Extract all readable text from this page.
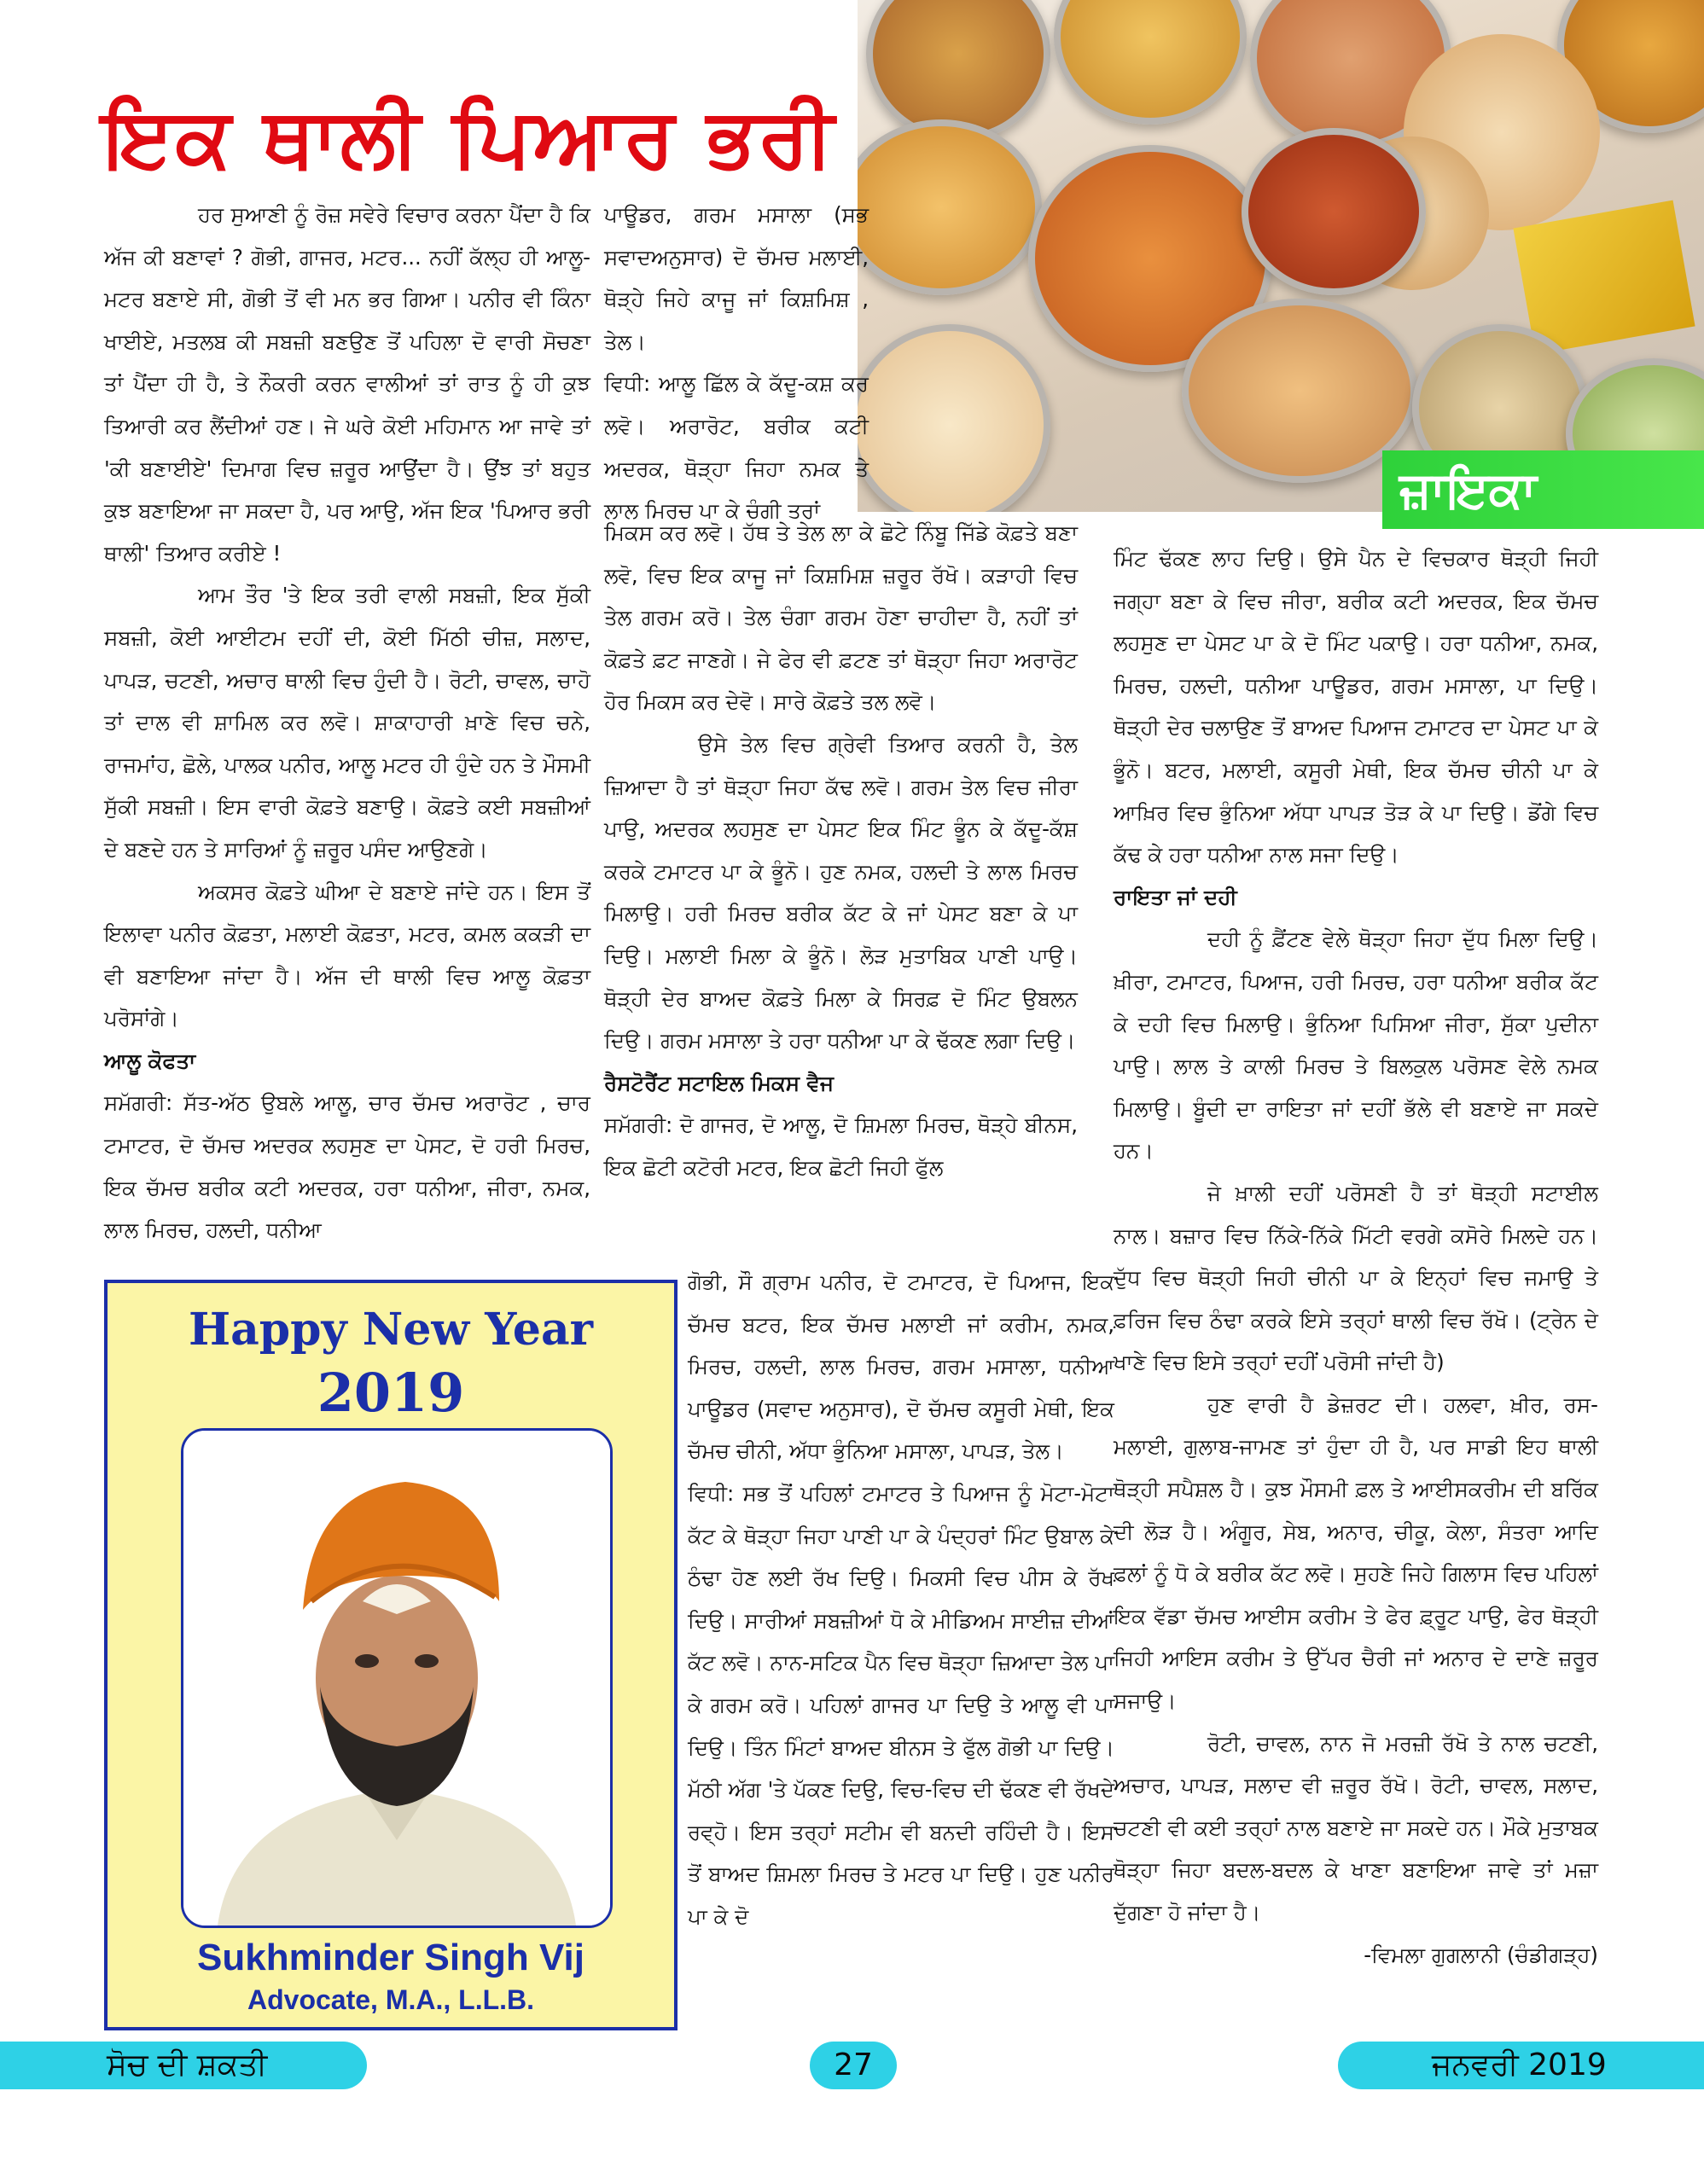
ਇਕ ਥਾਲੀ ਪਿਆਰ ਭਰੀ
ਜ਼ਾਇਕਾ

ਹਰ ਸੁਆਣੀ ਨੂੰ ਰੋਜ਼ ਸਵੇਰੇ ਵਿਚਾਰ ਕਰਨਾ ਪੈਂਦਾ ਹੈ ਕਿ ਅੱਜ ਕੀ ਬਣਾਵਾਂ ? ਗੋਭੀ, ਗਾਜਰ, ਮਟਰ... ਨਹੀਂ ਕੱਲ੍ਹ ਹੀ ਆਲੂ-ਮਟਰ ਬਣਾਏ ਸੀ, ਗੋਭੀ ਤੋਂ ਵੀ ਮਨ ਭਰ ਗਿਆ। ਪਨੀਰ ਵੀ ਕਿੰਨਾ ਖਾਈਏ, ਮਤਲਬ ਕੀ ਸਬਜ਼ੀ ਬਣਉਣ ਤੋਂ ਪਹਿਲਾ ਦੋ ਵਾਰੀ ਸੋਚਣਾ ਤਾਂ ਪੈਂਦਾ ਹੀ ਹੈ, ਤੇ ਨੌਕਰੀ ਕਰਨ ਵਾਲੀਆਂ ਤਾਂ ਰਾਤ ਨੂੰ ਹੀ ਕੁਝ ਤਿਆਰੀ ਕਰ ਲੈਂਦੀਆਂ ਹਣ। ਜੇ ਘਰੇ ਕੋਈ ਮਹਿਮਾਨ ਆ ਜਾਵੇ ਤਾਂ 'ਕੀ ਬਣਾਈਏ' ਦਿਮਾਗ ਵਿਚ ਜ਼ਰੂਰ ਆਉਂਦਾ ਹੈ। ਉਂਝ ਤਾਂ ਬਹੁਤ ਕੁਝ ਬਣਾਇਆ ਜਾ ਸਕਦਾ ਹੈ, ਪਰ ਆਉ, ਅੱਜ ਇਕ 'ਪਿਆਰ ਭਰੀ ਥਾਲੀ' ਤਿਆਰ ਕਰੀਏ !

ਆਮ ਤੌਰ 'ਤੇ ਇਕ ਤਰੀ ਵਾਲੀ ਸਬਜ਼ੀ, ਇਕ ਸੁੱਕੀ ਸਬਜ਼ੀ, ਕੋਈ ਆਈਟਮ ਦਹੀਂ ਦੀ, ਕੋਈ ਮਿੱਠੀ ਚੀਜ਼, ਸਲਾਦ, ਪਾਪੜ, ਚਟਣੀ, ਅਚਾਰ ਥਾਲੀ ਵਿਚ ਹੁੰਦੀ ਹੈ। ਰੋਟੀ, ਚਾਵਲ, ਚਾਹੋ ਤਾਂ ਦਾਲ ਵੀ ਸ਼ਾਮਿਲ ਕਰ ਲਵੋ। ਸ਼ਾਕਾਹਾਰੀ ਖ਼ਾਣੇ ਵਿਚ ਚਨੇ, ਰਾਜਮਾਂਹ, ਛੋਲੇ, ਪਾਲਕ ਪਨੀਰ, ਆਲੂ ਮਟਰ ਹੀ ਹੁੰਦੇ ਹਨ ਤੇ ਮੌਸਮੀ ਸੁੱਕੀ ਸਬਜ਼ੀ। ਇਸ ਵਾਰੀ ਕੋਫ਼ਤੇ ਬਣਾਉ। ਕੋਫ਼ਤੇ ਕਈ ਸਬਜ਼ੀਆਂ ਦੇ ਬਣਦੇ ਹਨ ਤੇ ਸਾਰਿਆਂ ਨੂੰ ਜ਼ਰੂਰ ਪਸੰਦ ਆਉਣਗੇ।

ਅਕਸਰ ਕੋਫ਼ਤੇ ਘੀਆ ਦੇ ਬਣਾਏ ਜਾਂਦੇ ਹਨ। ਇਸ ਤੋਂ ਇਲਾਵਾ ਪਨੀਰ ਕੋਫ਼ਤਾ, ਮਲਾਈ ਕੋਫ਼ਤਾ, ਮਟਰ, ਕਮਲ ਕਕੜੀ ਦਾ ਵੀ ਬਣਾਇਆ ਜਾਂਦਾ ਹੈ। ਅੱਜ ਦੀ ਥਾਲੀ ਵਿਚ ਆਲੂ ਕੋਫ਼ਤਾ ਪਰੋਸਾਂਗੇ।

ਆਲੂ ਕੋਫਤਾ

ਸਮੱਗਰੀ: ਸੱਤ-ਅੱਠ ਉਬਲੇ ਆਲੂ, ਚਾਰ ਚੱਮਚ ਅਰਾਰੋਟ , ਚਾਰ ਟਮਾਟਰ, ਦੋ ਚੱਮਚ ਅਦਰਕ ਲਹਸੁਣ ਦਾ ਪੇਸਟ, ਦੋ ਹਰੀ ਮਿਰਚ, ਇਕ ਚੱਮਚ ਬਰੀਕ ਕਟੀ ਅਦਰਕ, ਹਰਾ ਧਨੀਆ, ਜੀਰਾ, ਨਮਕ, ਲਾਲ ਮਿਰਚ, ਹਲਦੀ, ਧਨੀਆ

ਪਾਊਡਰ, ਗਰਮ ਮਸਾਲਾ (ਸਭ ਸਵਾਦਅਨੁਸਾਰ) ਦੋ ਚੱਮਚ ਮਲਾਈ, ਥੋੜ੍ਹੇ ਜਿਹੇ ਕਾਜੂ ਜਾਂ ਕਿਸ਼ਮਿਸ਼ , ਤੇਲ।

ਵਿਧੀ: ਆਲੂ ਛਿੱਲ ਕੇ ਕੱਦੂ-ਕਸ਼ ਕਰ ਲਵੋ। ਅਰਾਰੋਟ, ਬਰੀਕ ਕਟੀ ਅਦਰਕ, ਥੋੜ੍ਹਾ ਜਿਹਾ ਨਮਕ ਤੇ ਲਾਲ ਮਿਰਚ ਪਾ ਕੇ ਚੰਗੀ ਤਰਾਂ

ਮਿਕਸ ਕਰ ਲਵੋ। ਹੱਥ ਤੇ ਤੇਲ ਲਾ ਕੇ ਛੋਟੇ ਨਿੰਬੂ ਜਿੱਡੇ ਕੋਫ਼ਤੇ ਬਣਾ ਲਵੋ, ਵਿਚ ਇਕ ਕਾਜੂ ਜਾਂ ਕਿਸ਼ਮਿਸ਼ ਜ਼ਰੂਰ ਰੱਖੋ। ਕੜਾਹੀ ਵਿਚ ਤੇਲ ਗਰਮ ਕਰੋ। ਤੇਲ ਚੰਗਾ ਗਰਮ ਹੋਣਾ ਚਾਹੀਦਾ ਹੈ, ਨਹੀਂ ਤਾਂ ਕੋਫ਼ਤੇ ਫ਼ਟ ਜਾਣਗੇ। ਜੇ ਫੇਰ ਵੀ ਫ਼ਟਣ ਤਾਂ ਥੋੜ੍ਹਾ ਜਿਹਾ ਅਰਾਰੋਟ ਹੋਰ ਮਿਕਸ ਕਰ ਦੇਵੋ। ਸਾਰੇ ਕੋਫ਼ਤੇ ਤਲ ਲਵੋ।

ਉਸੇ ਤੇਲ ਵਿਚ ਗ੍ਰੇਵੀ ਤਿਆਰ ਕਰਨੀ ਹੈ, ਤੇਲ ਜ਼ਿਆਦਾ ਹੈ ਤਾਂ ਥੋੜ੍ਹਾ ਜਿਹਾ ਕੱਢ ਲਵੋ। ਗਰਮ ਤੇਲ ਵਿਚ ਜੀਰਾ ਪਾਉ, ਅਦਰਕ ਲਹਸੁਣ ਦਾ ਪੇਸਟ ਇਕ ਮਿੰਟ ਭੂੰਨ ਕੇ ਕੱਦੂ-ਕੱਸ਼ ਕਰਕੇ ਟਮਾਟਰ ਪਾ ਕੇ ਭੂੰਨੋ। ਹੁਣ ਨਮਕ, ਹਲਦੀ ਤੇ ਲਾਲ ਮਿਰਚ ਮਿਲਾਉ। ਹਰੀ ਮਿਰਚ ਬਰੀਕ ਕੱਟ ਕੇ ਜਾਂ ਪੇਸਟ ਬਣਾ ਕੇ ਪਾ ਦਿਉ। ਮਲਾਈ ਮਿਲਾ ਕੇ ਭੂੰਨੋ। ਲੋੜ ਮੁਤਾਬਿਕ ਪਾਣੀ ਪਾਉ। ਥੋੜ੍ਹੀ ਦੇਰ ਬਾਅਦ ਕੋਫ਼ਤੇ ਮਿਲਾ ਕੇ ਸਿਰਫ਼ ਦੋ ਮਿੰਟ ਉਬਲਨ ਦਿਉ। ਗਰਮ ਮਸਾਲਾ ਤੇ ਹਰਾ ਧਨੀਆ ਪਾ ਕੇ ਢੱਕਣ ਲਗਾ ਦਿਉ।

ਰੈਸਟੋਰੈਂਟ ਸਟਾਇਲ ਮਿਕਸ ਵੈਜ

ਸਮੱਗਰੀ: ਦੋ ਗਾਜਰ, ਦੋ ਆਲੂ, ਦੋ ਸ਼ਿਮਲਾ ਮਿਰਚ, ਥੋੜ੍ਹੇ ਬੀਨਸ, ਇਕ ਛੋਟੀ ਕਟੋਰੀ ਮਟਰ, ਇਕ ਛੋਟੀ ਜਿਹੀ ਫੁੱਲ

ਗੋਭੀ, ਸੌ ਗ੍ਰਾਮ ਪਨੀਰ, ਦੋ ਟਮਾਟਰ, ਦੋ ਪਿਆਜ, ਇਕ ਚੱਮਚ ਬਟਰ, ਇਕ ਚੱਮਚ ਮਲਾਈ ਜਾਂ ਕਰੀਮ, ਨਮਕ, ਮਿਰਚ, ਹਲਦੀ, ਲਾਲ ਮਿਰਚ, ਗਰਮ ਮਸਾਲਾ, ਧਨੀਆ ਪਾਊਡਰ (ਸਵਾਦ ਅਨੁਸਾਰ), ਦੋ ਚੱਮਚ ਕਸੂਰੀ ਮੇਥੀ, ਇਕ ਚੱਮਚ ਚੀਨੀ, ਅੱਧਾ ਭੁੰਨਿਆ ਮਸਾਲਾ, ਪਾਪੜ, ਤੇਲ।

ਵਿਧੀ: ਸਭ ਤੋਂ ਪਹਿਲਾਂ ਟਮਾਟਰ ਤੇ ਪਿਆਜ ਨੂੰ ਮੋਟਾ-ਮੋਟਾ ਕੱਟ ਕੇ ਥੋੜ੍ਹਾ ਜਿਹਾ ਪਾਣੀ ਪਾ ਕੇ ਪੰਦ੍ਹਰਾਂ ਮਿੰਟ ਉਬਾਲ ਕੇ ਠੰਢਾ ਹੋਣ ਲਈ ਰੱਖ ਦਿਉ। ਮਿਕਸੀ ਵਿਚ ਪੀਸ ਕੇ ਰੱਖ ਦਿਉ। ਸਾਰੀਆਂ ਸਬਜ਼ੀਆਂ ਧੋ ਕੇ ਮੀਡਿਅਮ ਸਾਈਜ਼ ਦੀਆਂ ਕੱਟ ਲਵੋ। ਨਾਨ-ਸਟਿਕ ਪੈਨ ਵਿਚ ਥੋੜ੍ਹਾ ਜ਼ਿਆਦਾ ਤੇਲ ਪਾ ਕੇ ਗਰਮ ਕਰੋ। ਪਹਿਲਾਂ ਗਾਜਰ ਪਾ ਦਿਉ ਤੇ ਆਲੂ ਵੀ ਪਾ ਦਿਉ। ਤਿੰਨ ਮਿੰਟਾਂ ਬਾਅਦ ਬੀਨਸ ਤੇ ਫੁੱਲ ਗੋਭੀ ਪਾ ਦਿਉ। ਮੱਠੀ ਅੱਗ 'ਤੇ ਪੱਕਣ ਦਿਉ, ਵਿਚ-ਵਿਚ ਦੀ ਢੱਕਣ ਵੀ ਰੱਖਦੇ ਰਵ੍ਹੋ। ਇਸ ਤਰ੍ਹਾਂ ਸਟੀਮ ਵੀ ਬਨਦੀ ਰਹਿੰਦੀ ਹੈ। ਇਸ ਤੋਂ ਬਾਅਦ ਸ਼ਿਮਲਾ ਮਿਰਚ ਤੇ ਮਟਰ ਪਾ ਦਿਉ। ਹੁਣ ਪਨੀਰ ਪਾ ਕੇ ਦੋ

ਮਿੰਟ ਢੱਕਣ ਲਾਹ ਦਿਉ। ਉਸੇ ਪੈਨ ਦੇ ਵਿਚਕਾਰ ਥੋੜ੍ਹੀ ਜਿਹੀ ਜਗ੍ਹਾ ਬਣਾ ਕੇ ਵਿਚ ਜੀਰਾ, ਬਰੀਕ ਕਟੀ ਅਦਰਕ, ਇਕ ਚੱਮਚ ਲਹਸੁਣ ਦਾ ਪੇਸਟ ਪਾ ਕੇ ਦੋ ਮਿੰਟ ਪਕਾਉ। ਹਰਾ ਧਨੀਆ, ਨਮਕ, ਮਿਰਚ, ਹਲਦੀ, ਧਨੀਆ ਪਾਊਡਰ, ਗਰਮ ਮਸਾਲਾ, ਪਾ ਦਿਉ। ਥੋੜ੍ਹੀ ਦੇਰ ਚਲਾਉਣ ਤੋਂ ਬਾਅਦ ਪਿਆਜ ਟਮਾਟਰ ਦਾ ਪੇਸਟ ਪਾ ਕੇ ਭੂੰਨੋ। ਬਟਰ, ਮਲਾਈ, ਕਸੂਰੀ ਮੇਥੀ, ਇਕ ਚੱਮਚ ਚੀਨੀ ਪਾ ਕੇ ਆਖ਼ਿਰ ਵਿਚ ਭੁੰਨਿਆ ਅੱਧਾ ਪਾਪੜ ਤੋੜ ਕੇ ਪਾ ਦਿਉ। ਡੋਂਗੇ ਵਿਚ ਕੱਢ ਕੇ ਹਰਾ ਧਨੀਆ ਨਾਲ ਸਜਾ ਦਿਉ।

ਰਾਇਤਾ ਜਾਂ ਦਹੀ

ਦਹੀ ਨੂੰ ਫ਼ੈਂਟਣ ਵੇਲੇ ਥੋੜ੍ਹਾ ਜਿਹਾ ਦੁੱਧ ਮਿਲਾ ਦਿਉ। ਖ਼ੀਰਾ, ਟਮਾਟਰ, ਪਿਆਜ, ਹਰੀ ਮਿਰਚ, ਹਰਾ ਧਨੀਆ ਬਰੀਕ ਕੱਟ ਕੇ ਦਹੀ ਵਿਚ ਮਿਲਾਉ। ਭੁੰਨਿਆ ਪਿਸਿਆ ਜੀਰਾ, ਸੁੱਕਾ ਪੁਦੀਨਾ ਪਾਉ। ਲਾਲ ਤੇ ਕਾਲੀ ਮਿਰਚ ਤੇ ਬਿਲਕੁਲ ਪਰੋਸਣ ਵੇਲੇ ਨਮਕ ਮਿਲਾਉ। ਬੂੰਦੀ ਦਾ ਰਾਇਤਾ ਜਾਂ ਦਹੀਂ ਭੱਲੇ ਵੀ ਬਣਾਏ ਜਾ ਸਕਦੇ ਹਨ।

ਜੇ ਖ਼ਾਲੀ ਦਹੀਂ ਪਰੋਸਣੀ ਹੈ ਤਾਂ ਥੋੜ੍ਹੀ ਸਟਾਈਲ ਨਾਲ। ਬਜ਼ਾਰ ਵਿਚ ਨਿੱਕੇ-ਨਿੱਕੇ ਮਿੱਟੀ ਵਰਗੇ ਕਸੋਰੇ ਮਿਲਦੇ ਹਨ। ਦੁੱਧ ਵਿਚ ਥੋੜ੍ਹੀ ਜਿਹੀ ਚੀਨੀ ਪਾ ਕੇ ਇਨ੍ਹਾਂ ਵਿਚ ਜਮਾਉ ਤੇ ਫ਼ਰਿਜ ਵਿਚ ਠੰਢਾ ਕਰਕੇ ਇਸੇ ਤਰ੍ਹਾਂ ਥਾਲੀ ਵਿਚ ਰੱਖੋ। (ਟ੍ਰੇਨ ਦੇ ਖਾਣੇ ਵਿਚ ਇਸੇ ਤਰ੍ਹਾਂ ਦਹੀਂ ਪਰੋਸੀ ਜਾਂਦੀ ਹੈ)

ਹੁਣ ਵਾਰੀ ਹੈ ਡੇਜ਼ਰਟ ਦੀ। ਹਲਵਾ, ਖ਼ੀਰ, ਰਸ-ਮਲਾਈ, ਗੁਲਾਬ-ਜਾਮਣ ਤਾਂ ਹੁੰਦਾ ਹੀ ਹੈ, ਪਰ ਸਾਡੀ ਇਹ ਥਾਲੀ ਥੋੜ੍ਹੀ ਸਪੈਸ਼ਲ ਹੈ। ਕੁਝ ਮੌਸਮੀ ਫ਼ਲ ਤੇ ਆਈਸਕਰੀਮ ਦੀ ਬਰਿੱਕ ਦੀ ਲੋੜ ਹੈ। ਅੰਗੂਰ, ਸੇਬ, ਅਨਾਰ, ਚੀਕੂ, ਕੇਲਾ, ਸੰਤਰਾ ਆਦਿ ਫ਼ਲਾਂ ਨੂੰ ਧੋ ਕੇ ਬਰੀਕ ਕੱਟ ਲਵੋ। ਸੁਹਣੇ ਜਿਹੇ ਗਿਲਾਸ ਵਿਚ ਪਹਿਲਾਂ ਇਕ ਵੱਡਾ ਚੱਮਚ ਆਈਸ ਕਰੀਮ ਤੇ ਫੇਰ ਫ਼੍ਰੂਟ ਪਾਉ, ਫੇਰ ਥੋੜ੍ਹੀ ਜਿਹੀ ਆਇਸ ਕਰੀਮ ਤੇ ਉੱਪਰ ਚੈਰੀ ਜਾਂ ਅਨਾਰ ਦੇ ਦਾਣੇ ਜ਼ਰੂਰ ਸਜਾਉ।

ਰੋਟੀ, ਚਾਵਲ, ਨਾਨ ਜੋ ਮਰਜ਼ੀ ਰੱਖੋ ਤੇ ਨਾਲ ਚਟਣੀ, ਅਚਾਰ, ਪਾਪੜ, ਸਲਾਦ ਵੀ ਜ਼ਰੂਰ ਰੱਖੋ। ਰੋਟੀ, ਚਾਵਲ, ਸਲਾਦ, ਚਟਣੀ ਵੀ ਕਈ ਤਰ੍ਹਾਂ ਨਾਲ ਬਣਾਏ ਜਾ ਸਕਦੇ ਹਨ। ਮੌਕੇ ਮੁਤਾਬਕ ਥੋੜ੍ਹਾ ਜਿਹਾ ਬਦਲ-ਬਦਲ ਕੇ ਖਾਣਾ ਬਣਾਇਆ ਜਾਵੇ ਤਾਂ ਮਜ਼ਾ ਦੁੱਗਣਾ ਹੋ ਜਾਂਦਾ ਹੈ।

-ਵਿਮਲਾ ਗੁਗਲਾਨੀ (ਚੰਡੀਗੜ੍ਹ)

Happy New Year
2019
Sukhminder Singh Vij
Advocate, M.A., L.L.B.
ਸੋਚ ਦੀ ਸ਼ਕਤੀ	27	ਜਨਵਰੀ 2019
